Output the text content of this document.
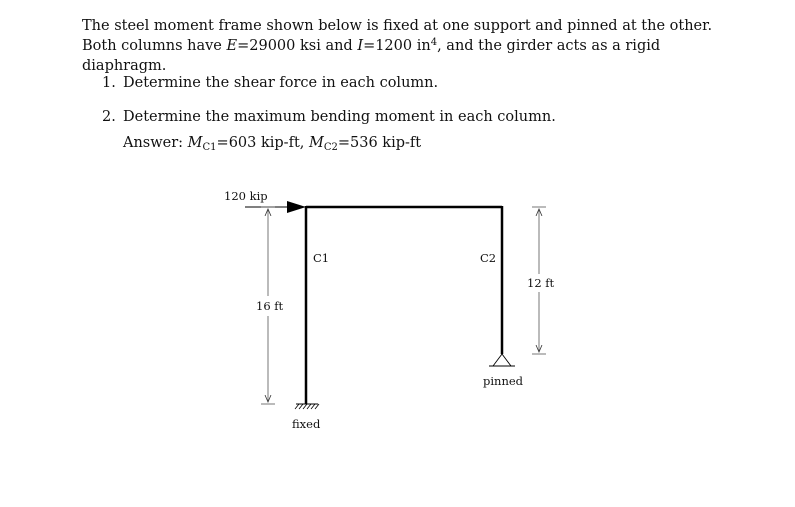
The steel moment frame shown below is fixed at one support and pinned at the other. Both columns have E=29000 ksi and I=1200 $in^4$, and the girder acts as a rigid diaphragm.
1. Determine the shear force in each column.
2. Determine the maximum bending moment in each column.
Answer: $M_{C1}=603$ kip-ft, $M_{C2}=536$ kip-ft
120 kip
C1	C2
16 ft
12 ft
fixed
pinned
